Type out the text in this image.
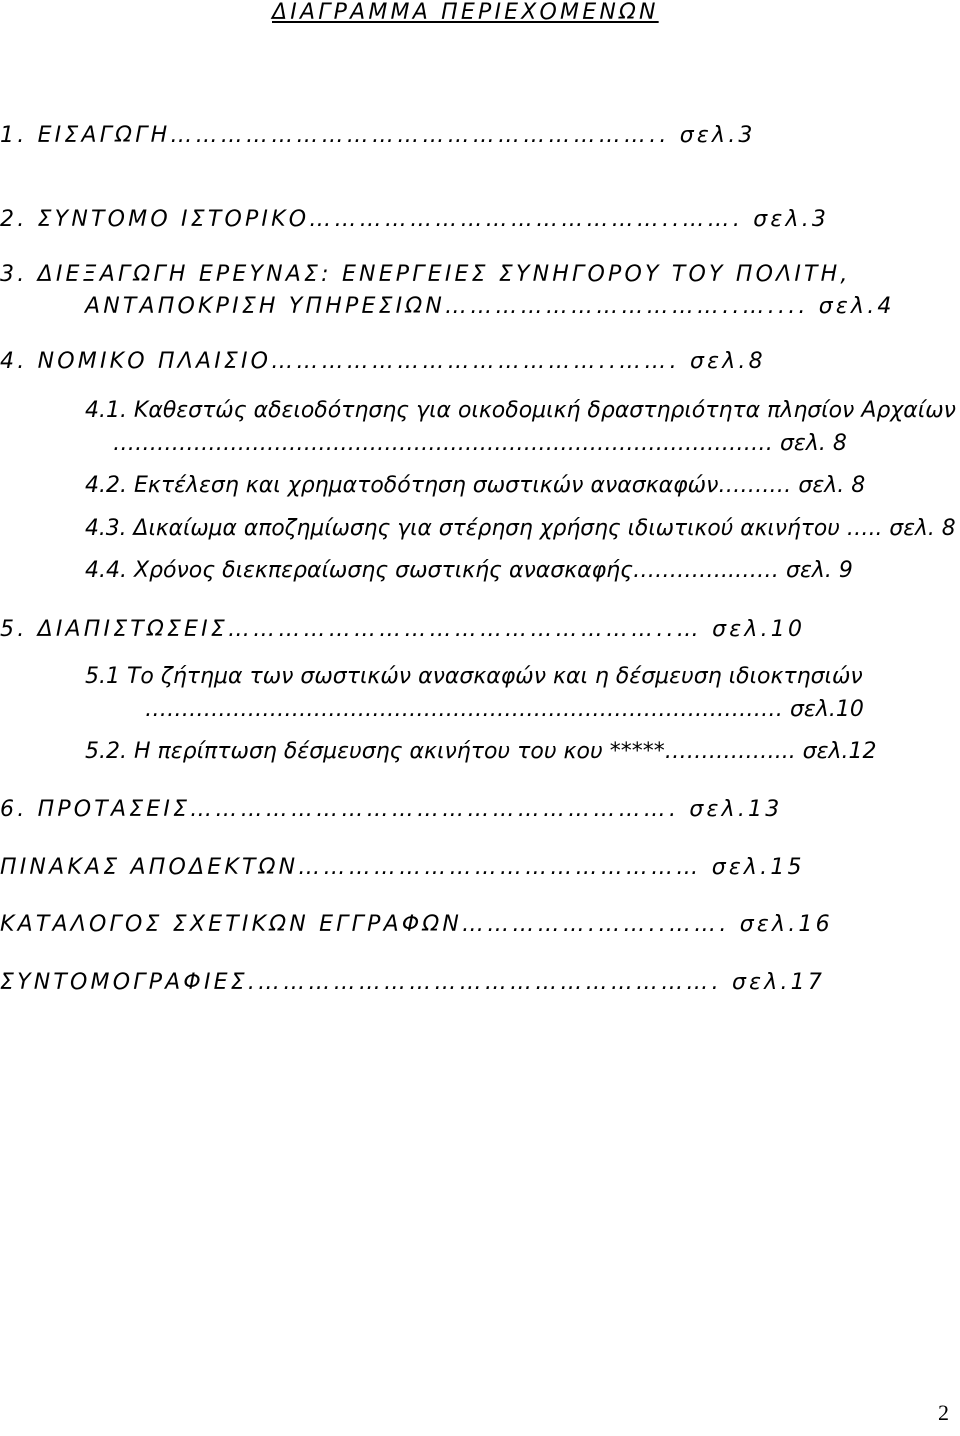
ΔΙΑΓΡΑΜΜΑ ΠΕΡΙΕΧΟΜΕΝΩΝ
1. ΕΙΣΑΓΩΓΗ………………………………………………….. σελ.3
2. ΣΥΝΤΟΜΟ ΙΣΤΟΡΙΚΟ……………………………………..……. σελ.3
3. ΔΙΕΞΑΓΩΓΗ ΕΡΕΥΝΑΣ: ΕΝΕΡΓΕΙΕΣ ΣΥΝΗΓΟΡΟΥ ΤΟΥ ΠΟΛΙΤΗ,
ΑΝΤΑΠΟΚΡΙΣΗ ΥΠΗΡΕΣΙΩΝ……………………………..….... σελ.4
4. ΝΟΜΙΚΟ ΠΛΑΙΣΙΟ…………………………………..……. σελ.8
4.1. Καθεστώς αδειοδότησης για οικοδομική δραστηριότητα πλησίον Αρχαίων
……………………………………………………………………………… σελ. 8
4.2. Εκτέλεση και χρηματοδότηση σωστικών ανασκαφών…….… σελ. 8
4.3. Δικαίωμα αποζημίωσης για στέρηση χρήσης ιδιωτικού ακινήτου ….. σελ. 8
4.4. Χρόνος διεκπεραίωσης σωστικής ανασκαφής…………..…… σελ. 9
5. ΔΙΑΠΙΣΤΩΣΕΙΣ……………………………………………..… σελ.10
5.1 Το ζήτημα των σωστικών ανασκαφών και η δέσμευση ιδιοκτησιών
…………………………………………………………………………… σελ.10
5.2. Η περίπτωση δέσμευσης ακινήτου του κου *****……………... σελ.12
6. ΠΡΟΤΑΣΕΙΣ…………………………………………………. σελ.13
ΠΙΝΑΚΑΣ ΑΠΟΔΕΚΤΩΝ………………………………………… σελ.15
ΚΑΤΑΛΟΓΟΣ ΣΧΕΤΙΚΩΝ ΕΓΓΡΑΦΩΝ…………….……..……. σελ.16
ΣΥΝΤΟΜΟΓΡΑΦΙΕΣ.………………………………………………. σελ.17
2
